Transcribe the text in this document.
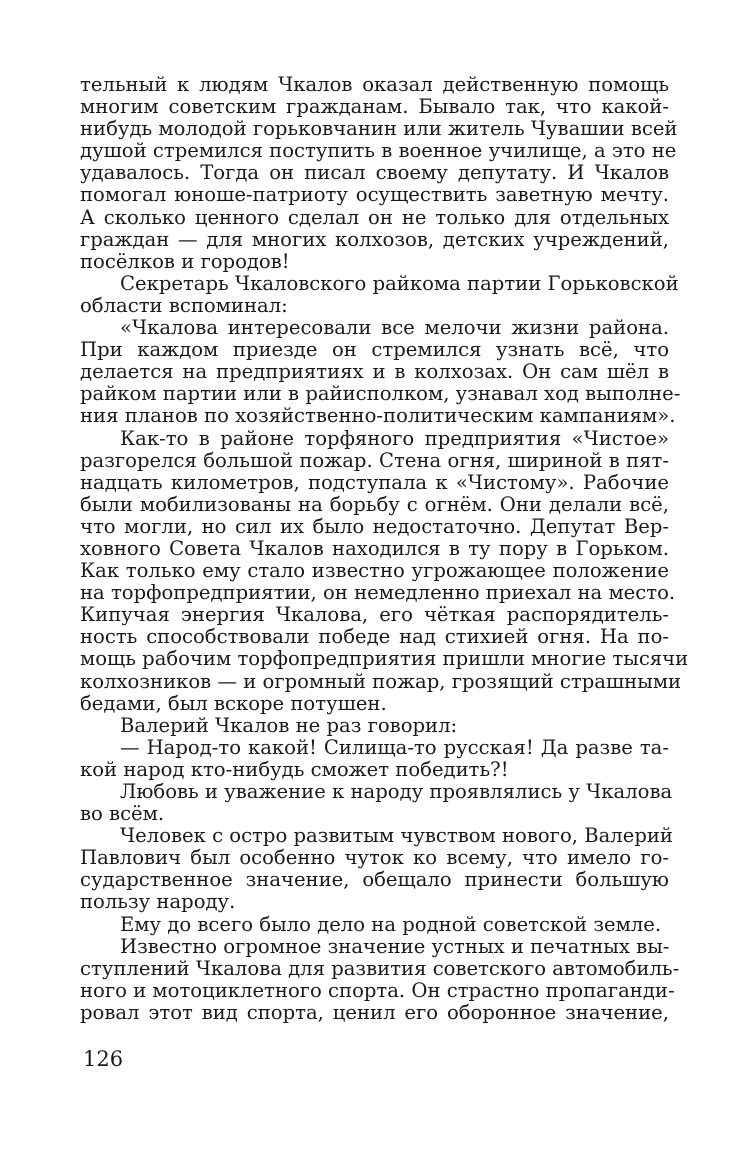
тельный к людям Чкалов оказал действенную помощь
многим советским гражданам. Бывало так, что какой-
нибудь молодой горьковчанин или житель Чувашии всей
душой стремился поступить в военное училище, а это не
удавалось. Тогда он писал своему депутату. И Чкалов
помогал юноше-патриоту осуществить заветную мечту.
А сколько ценного сделал он не только для отдельных
граждан — для многих колхозов, детских учреждений,
посёлков и городов!
Секретарь Чкаловского райкома партии Горьковской
области вспоминал:
«Чкалова интересовали все мелочи жизни района.
При каждом приезде он стремился узнать всё, что
делается на предприятиях и в колхозах. Он сам шёл в
райком партии или в райисполком, узнавал ход выполне-
ния планов по хозяйственно-политическим кампаниям».
Как-то в районе торфяного предприятия «Чистое»
разгорелся большой пожар. Стена огня, шириной в пят-
надцать километров, подступала к «Чистому». Рабочие
были мобилизованы на борьбу с огнём. Они делали всё,
что могли, но сил их было недостаточно. Депутат Вер-
ховного Совета Чкалов находился в ту пору в Горьком.
Как только ему стало известно угрожающее положение
на торфопредприятии, он немедленно приехал на место.
Кипучая энергия Чкалова, его чёткая распорядитель-
ность способствовали победе над стихией огня. На по-
мощь рабочим торфопредприятия пришли многие тысячи
колхозников — и огромный пожар, грозящий страшными
бедами, был вскоре потушен.
Валерий Чкалов не раз говорил:
— Народ-то какой! Силища-то русская! Да разве та-
кой народ кто-нибудь сможет победить?!
Любовь и уважение к народу проявлялись у Чкалова
во всём.
Человек с остро развитым чувством нового, Валерий
Павлович был особенно чуток ко всему, что имело го-
сударственное значение, обещало принести большую
пользу народу.
Ему до всего было дело на родной советской земле.
Известно огромное значение устных и печатных вы-
ступлений Чкалова для развития советского автомобиль-
ного и мотоциклетного спорта. Он страстно пропаганди-
ровал этот вид спорта, ценил его оборонное значение,
126
